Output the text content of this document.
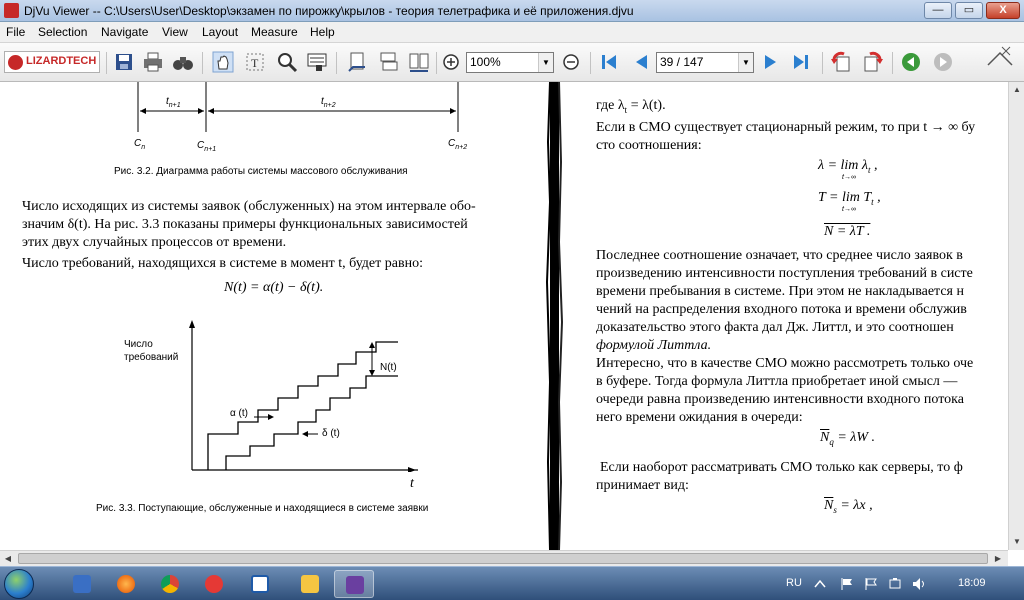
DjVu Viewer -- C:\Users\User\Desktop\экзамен по пирожку\крылов - теория телетрафика и её приложения.djvu	—	▭	X
File Selection Navigate View Layout Measure Help
LIZARDTECH	T	100%	▼	39 / 147	▼
$t_{n+1}$	$t_{n+2}$
$C_n$	$C_{n+1}$
$C_{n+2}$
Рис. 3.2. Диаграмма работы системы массового обслуживания
Число исходящих из системы заявок (обслуженных) на этом интервале обо-
значим δ(t). На рис. 3.3 показаны примеры функциональных зависимостей
этих двух случайных процессов от времени.
Число требований, находящихся в системе в момент t, будет равно:
N(t) = α(t) − δ(t).
Число
требований
α (t)
δ (t)
N(t)
t
Рис. 3.3. Поступающие, обслуженные и находящиеся в системе заявки
где $\lambda_t = \lambda(t)$.
Если в СМО существует стационарный режим, то при t → ∞ бу
сто соотношения:
$\lambda = \lim \lambda_t$ ,
t→∞
$T = \lim T_t$ ,
t→∞
N = λT .
Последнее соотношение означает, что среднее число заявок в
произведению интенсивности поступления требований в систе
времени пребывания в системе. При этом не накладывается н
чений на распределения входного потока и времени обслужив
доказательство этого факта дал Дж. Литтл, и это соотношен
формулой Литтла.
Интересно, что в качестве СМО можно рассмотреть только оче
в буфере. Тогда формула Литтла приобретает иной смысл —
очереди равна произведению интенсивности входного потока
него времени ожидания в очереди:
$\overline{N}_q = \lambda W$ .
Если наоборот рассматривать СМО только как серверы, то ф
принимает вид:
$\overline{N}_s = \lambda x$ ,
▲
▼
◀	▶
RU	18:09
